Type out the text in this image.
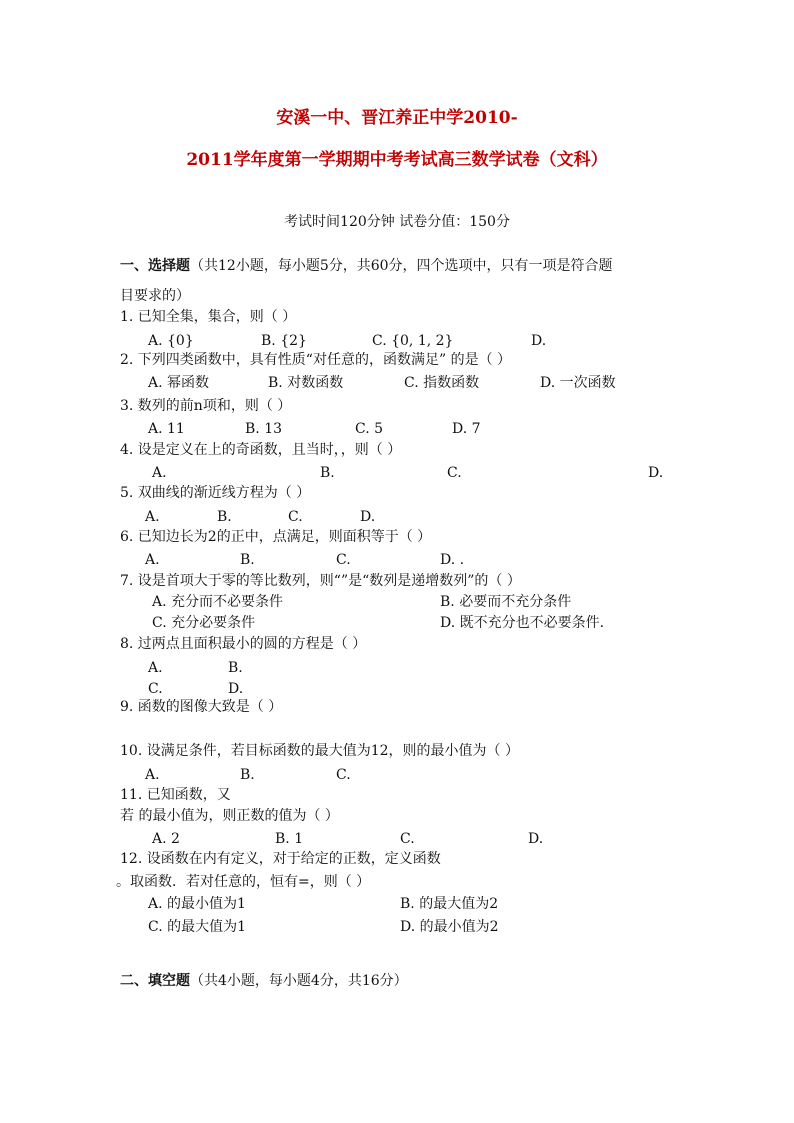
安溪一中、晋江养正中学2010-
2011学年度第一学期期中考考试高三数学试卷（文科）
考试时间120分钟 试卷分值：150分
一、选择题（共12小题，每小题5分，共60分，四个选项中，只有一项是符合题
目要求的）
1. 已知全集，集合，则（ ）
A. {0}	B. {2}	C. {0, 1, 2}	D.
2. 下列四类函数中，具有性质“对任意的，函数满足” 的是（ ）
A. 幂函数	B. 对数函数	C. 指数函数	D. 一次函数
3. 数列的前n项和，则（ ）
A. 11	B. 13	C. 5	D. 7
4. 设是定义在上的奇函数，且当时，，则（ ）
A.	B.	C.	D.
5. 双曲线的渐近线方程为（ ）
A.	B.	C.	D.
6. 已知边长为2的正中，点满足，则面积等于（ ）
A.	B.	C.	D. .
7. 设是首项大于零的等比数列，则“”是“数列是递增数列”的（ ）
A. 充分而不必要条件	B. 必要而不充分条件
C. 充分必要条件	D. 既不充分也不必要条件.
8. 过两点且面积最小的圆的方程是（ ）
A.	B.
C.	D.
9. 函数的图像大致是（ ）
10. 设满足条件，若目标函数的最大值为12，则的最小值为（ ）
A.	B.	C.
11. 已知函数，又
若 的最小值为，则正数的值为（ ）
A. 2	B. 1	C.	D.
12. 设函数在内有定义，对于给定的正数，定义函数
。取函数．若对任意的，恒有=，则（ ）
A. 的最小值为1	B. 的最大值为2
C. 的最大值为1	D. 的最小值为2
二、填空题（共4小题，每小题4分，共16分）
